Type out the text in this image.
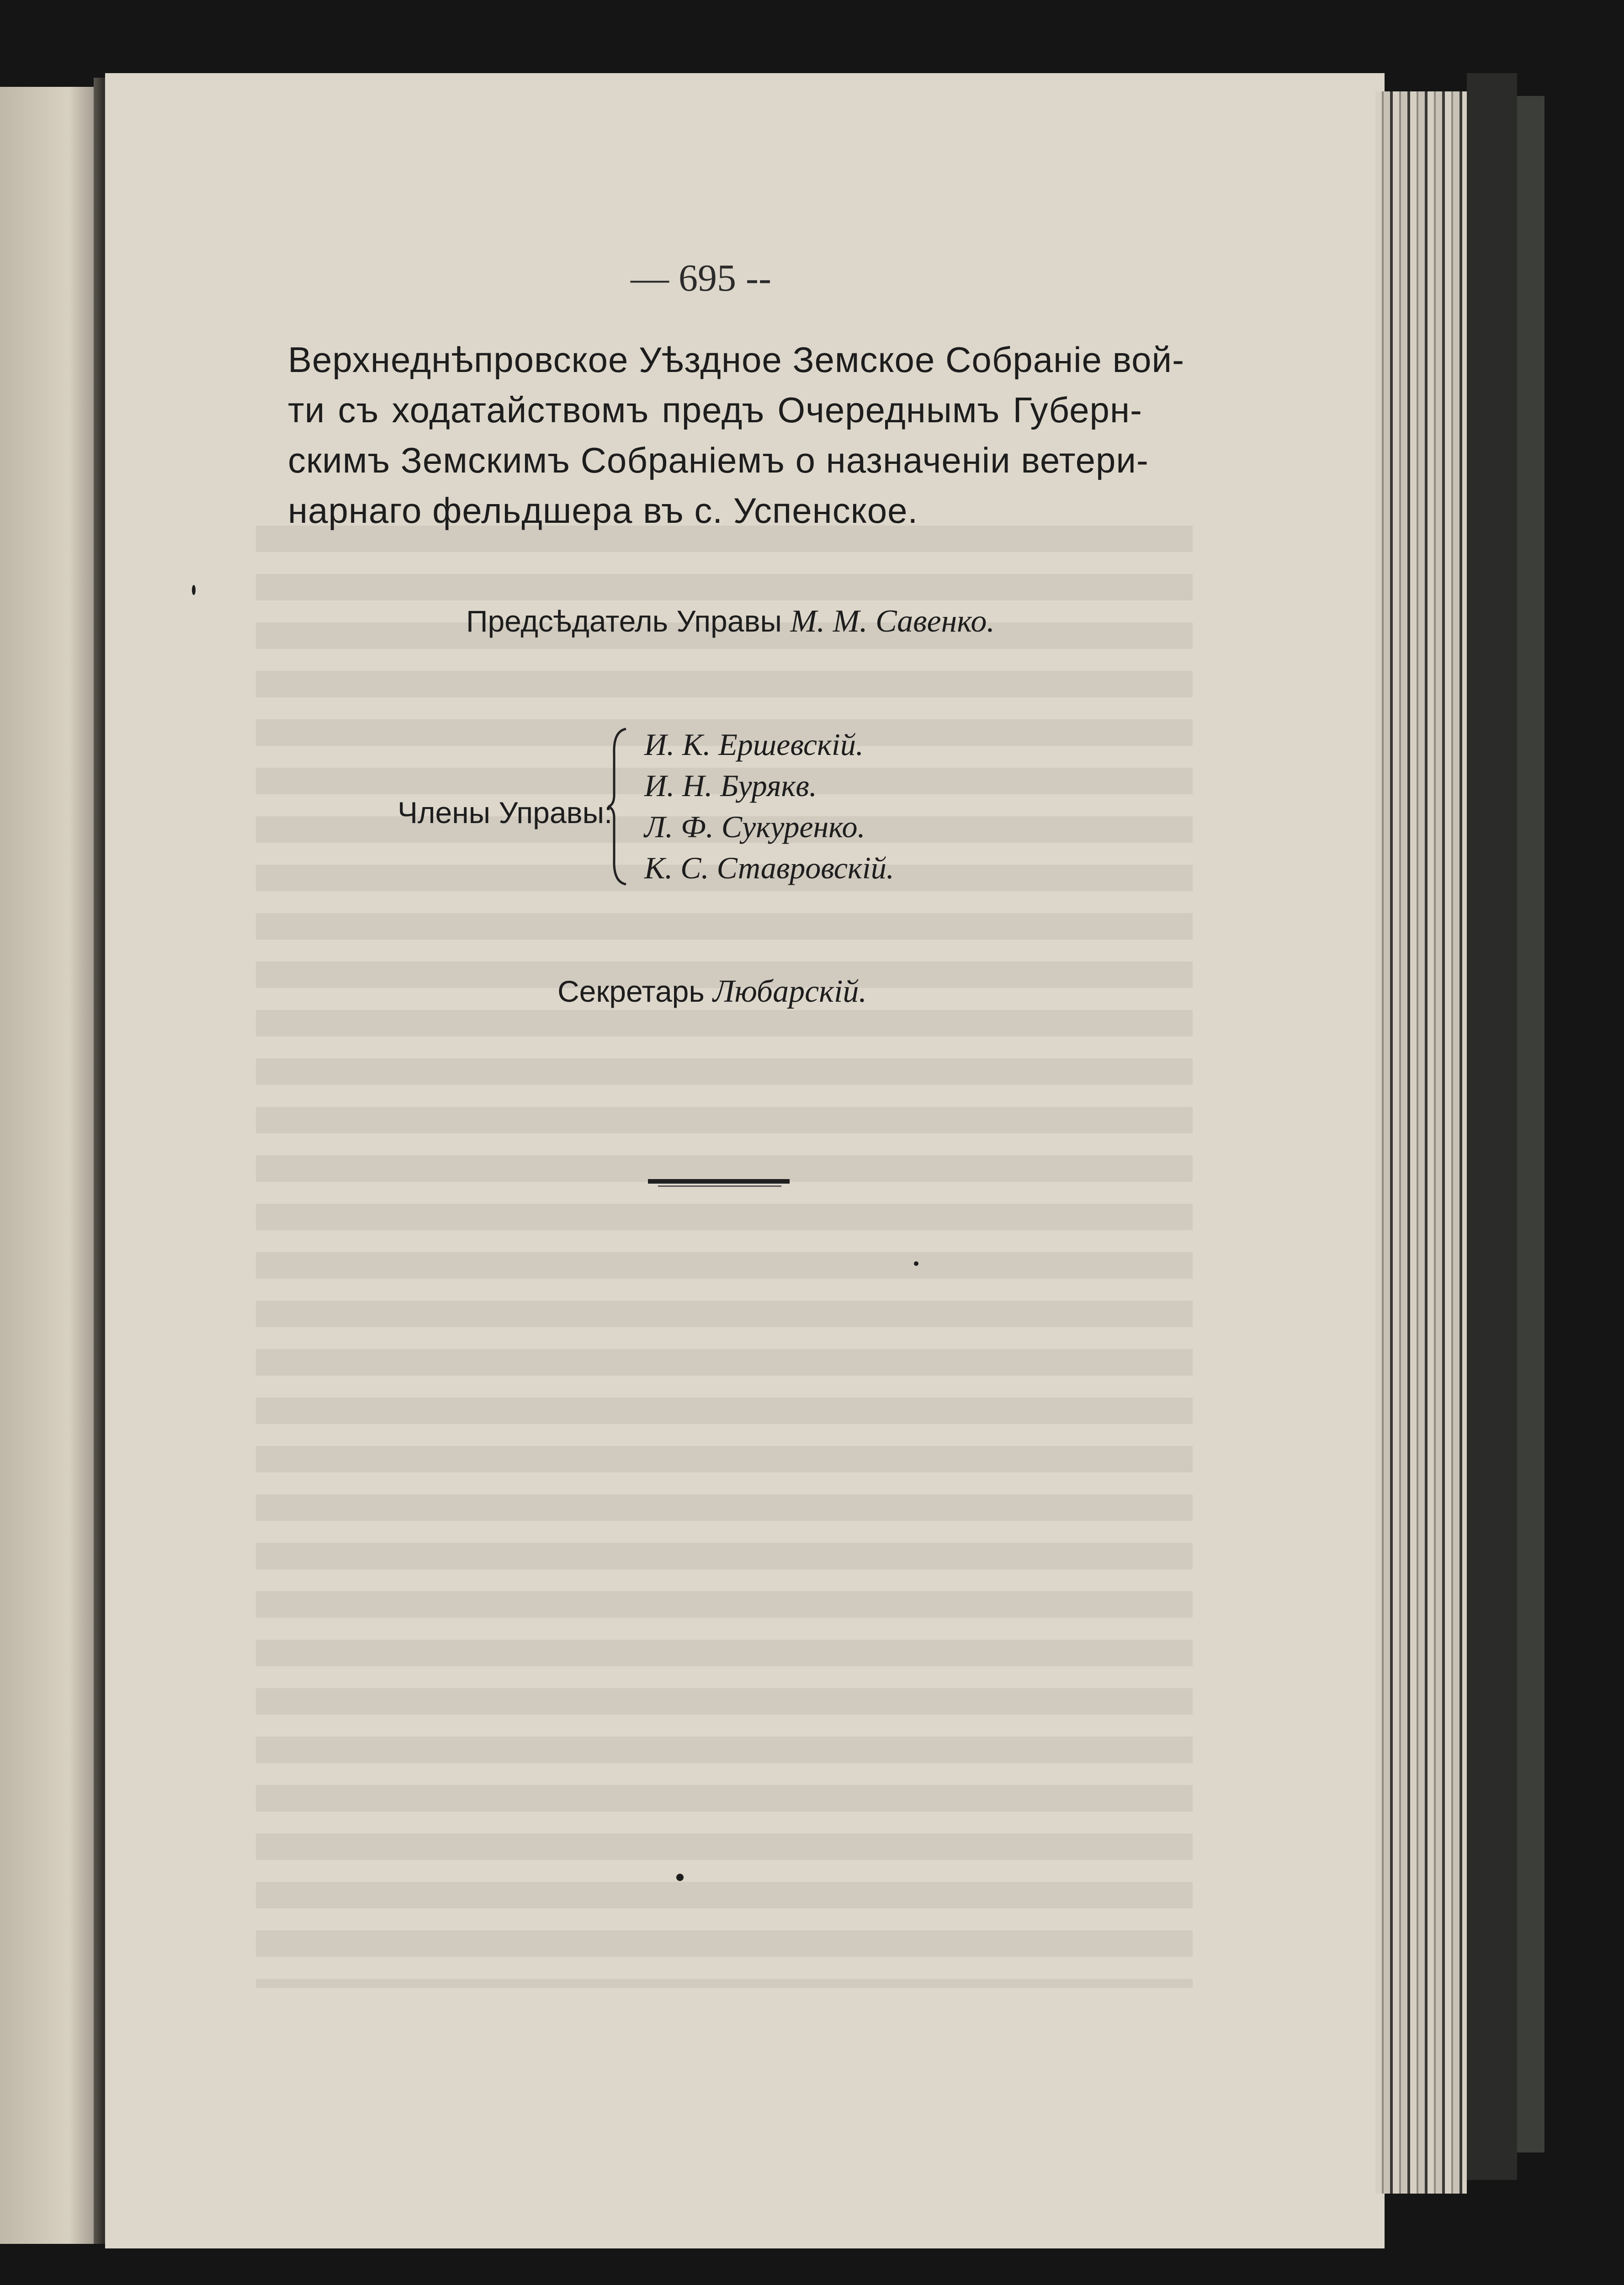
— 695 --
Верхнеднѣпровское Уѣздное Земское Собраніе вой-
ти съ ходатайствомъ предъ Очереднымъ Губерн-
скимъ Земскимъ Собраніемъ о назначеніи ветери-
нарнаго фельдшера въ с. Успенское.
Предсѣдатель Управы М. М. Савенко.
Члены Управы:
И. К. Ершевскій.
И. Н. Бурякв.
Л. Ф. Сукуренко.
К. С. Ставровскій.
Секретарь Любарскій.
